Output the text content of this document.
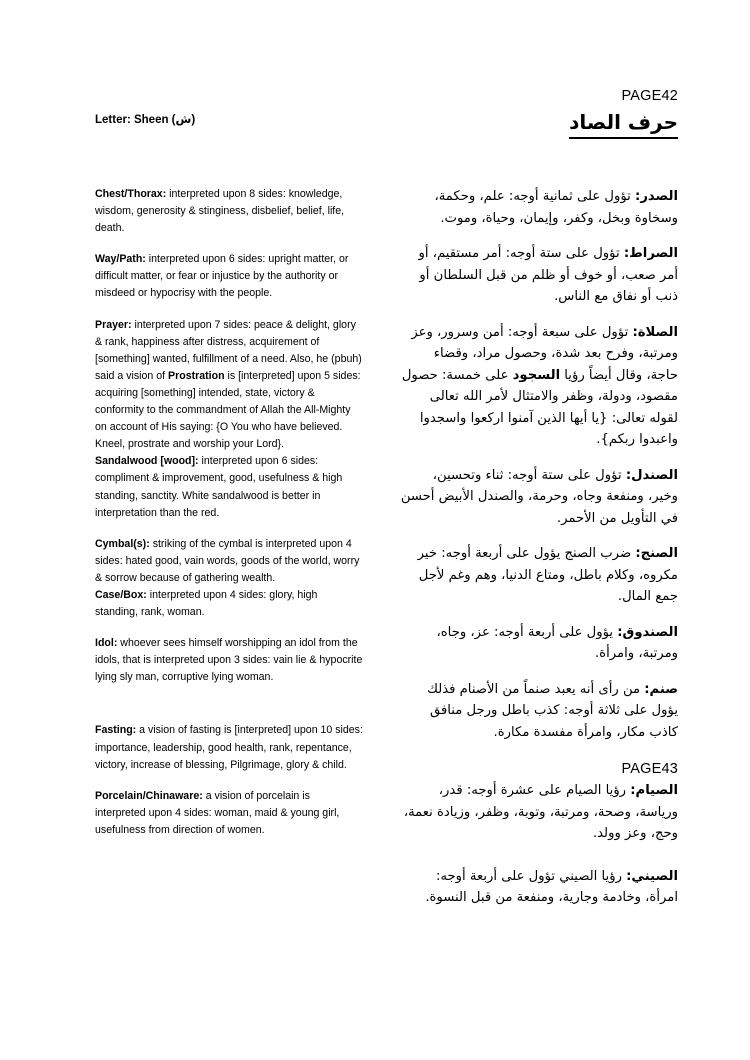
PAGE42
حرف الصاد
Letter: Sheen (ش)

Chest/Thorax: interpreted upon 8 sides: knowledge, wisdom, generosity & stinginess, disbelief, belief, life, death.

Way/Path: interpreted upon 6 sides: upright matter, or difficult matter, or fear or injustice by the authority or misdeed or hypocrisy with the people.

Prayer: interpreted upon 7 sides: peace & delight, glory & rank, happiness after distress, acquirement of [something] wanted, fulfillment of a need. Also, he (pbuh) said a vision of Prostration is [interpreted] upon 5 sides: acquiring [something] intended, state, victory & conformity to the commandment of Allah the All-Mighty on account of His saying: {O You who have believed. Kneel, prostrate and worship your Lord}.

Sandalwood [wood]: interpreted upon 6 sides: compliment & improvement, good, usefulness & high standing, sanctity. White sandalwood is better in interpretation than the red.

Cymbal(s): striking of the cymbal is interpreted upon 4 sides: hated good, vain words, goods of the world, worry & sorrow because of gathering wealth.

Case/Box: interpreted upon 4 sides: glory, high standing, rank, woman.

Idol: whoever sees himself worshipping an idol from the idols, that is interpreted upon 3 sides: vain lie & hypocrite lying sly man, corruptive lying woman.

Fasting: a vision of fasting is [interpreted] upon 10 sides: importance, leadership, good health, rank, repentance, victory, increase of blessing, Pilgrimage, glory & child.

Porcelain/Chinaware: a vision of porcelain is interpreted upon 4 sides: woman, maid & young girl, usefulness from direction of women.

الصدر: تؤول على ثمانية أوجه: علم، وحكمة، وسخاوة وبخل، وكفر، وإيمان، وحياة، وموت.

الصراط: تؤول على ستة أوجه: أمر مستقيم، أو أمر صعب، أو خوف أو ظلم من قبل السلطان أو ذنب أو نفاق مع الناس.

الصلاة: تؤول على سبعة أوجه: أمن وسرور، وعز ومرتبة، وفرح بعد شدة، وحصول مراد، وقضاء حاجة، وقال أيضاً رؤيا السجود على خمسة: حصول مقصود، ودولة، وظفر والامتثال لأمر الله تعالى لقوله تعالى: {يا أيها الذين آمنوا اركعوا واسجدوا واعبدوا ربكم}.

الصندل: تؤول على ستة أوجه: ثناء وتحسين، وخير، ومنفعة وجاه، وحرمة، والصندل الأبيض أحسن في التأويل من الأحمر.

الصنج: ضرب الصنج يؤول على أربعة أوجه: خير مكروه، وكلام باطل، ومتاع الدنيا، وهم وغم لأجل جمع المال.

الصندوق: يؤول على أربعة أوجه: عز، وجاه، ومرتبة، وامرأة.

صنم: من رأى أنه يعبد صنماً من الأصنام فذلك يؤول على ثلاثة أوجه: كذب باطل ورجل منافق كاذب مكار، وامرأة مفسدة مكارة.

PAGE43

الصيام: رؤيا الصيام على عشرة أوجه: قدر، ورياسة، وصحة، ومرتبة، وتوبة، وظفر، وزيادة نعمة، وحج، وعز وولد.

الصيني: رؤيا الصيني تؤول على أربعة أوجه: امرأة، وخادمة وجارية، ومنفعة من قبل النسوة.
